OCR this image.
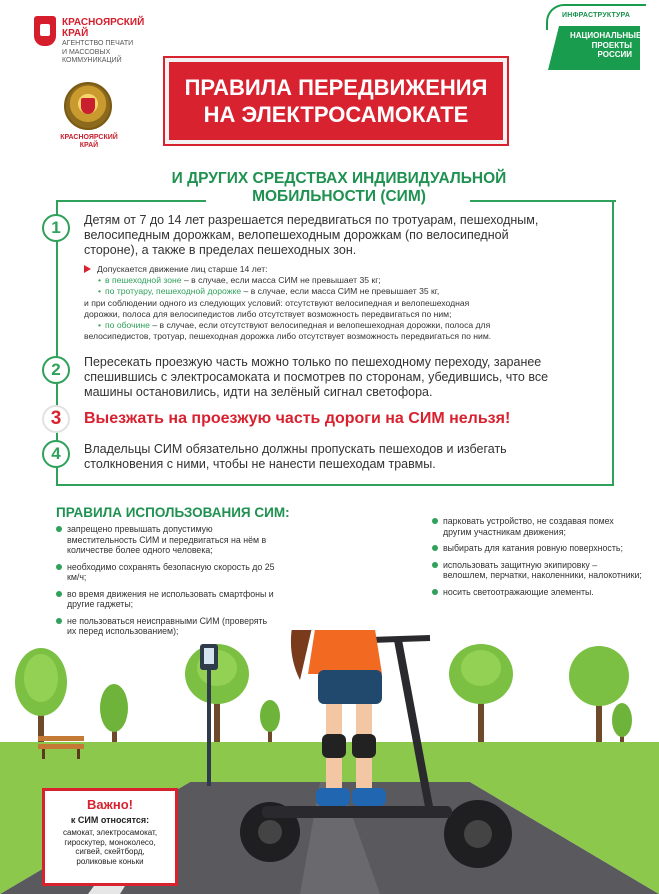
КРАСНОЯРСКИЙ
КРАЙ
АГЕНТСТВО ПЕЧАТИ
И МАССОВЫХ
КОММУНИКАЦИЙ
КРАСНОЯРСКИЙ
КРАЙ
ИНФРАСТРУКТУРА
НАЦИОНАЛЬНЫЕ
ПРОЕКТЫ
РОССИИ
ПРАВИЛА ПЕРЕДВИЖЕНИЯ
НА ЭЛЕКТРОСАМОКАТЕ
И ДРУГИХ СРЕДСТВАХ ИНДИВИДУАЛЬНОЙ
МОБИЛЬНОСТИ (СИМ)
1	Детям от 7 до 14 лет разрешается передвигаться по тротуарам, пешеходным,
велосипедным дорожкам, велопешеходным дорожкам (по велосипедной
стороне), а также в пределах пешеходных зон.
Допускается движение лиц старше 14 лет:
• в пешеходной зоне – в случае, если масса СИМ не превышает 35 кг;
• по тротуару, пешеходной дорожке – в случае, если масса СИМ не превышает 35 кг,
и при соблюдении одного из следующих условий: отсутствуют велосипедная и велопешеходная
дорожки, полоса для велосипедистов либо отсутствует возможность передвигаться по ним;
• по обочине – в случае, если отсутствуют велосипедная и велопешеходная дорожки, полоса для
велосипедистов, тротуар, пешеходная дорожка либо отсутствует возможность передвигаться по ним.
2	Пересекать проезжую часть можно только по пешеходному переходу, заранее
спешившись с электросамоката и посмотрев по сторонам, убедившись, что все
машины остановились, идти на зелёный сигнал светофора.
3	Выезжать на проезжую часть дороги на СИМ нельзя!
4	Владельцы СИМ обязательно должны пропускать пешеходов и избегать
столкновения с ними, чтобы не нанести пешеходам травмы.
ПРАВИЛА ИСПОЛЬЗОВАНИЯ СИМ:
запрещено превышать допустимую вместительность СИМ и передвигаться на нём в количестве более одного человека;
необходимо сохранять безопасную скорость до 25 км/ч;
во время движения не использовать смартфоны и другие гаджеты;
не пользоваться неисправными СИМ (проверять их перед использованием);
парковать устройство, не создавая помех другим участникам движения;
выбирать для катания ровную поверхность;
использовать защитную экипировку – велошлем, перчатки, наколенники, налокотники;
носить светоотражающие элементы.
Важно!
к СИМ относятся:
самокат, электросамокат,
гироскутер, моноколесо,
сигвей, скейтборд,
роликовые коньки
